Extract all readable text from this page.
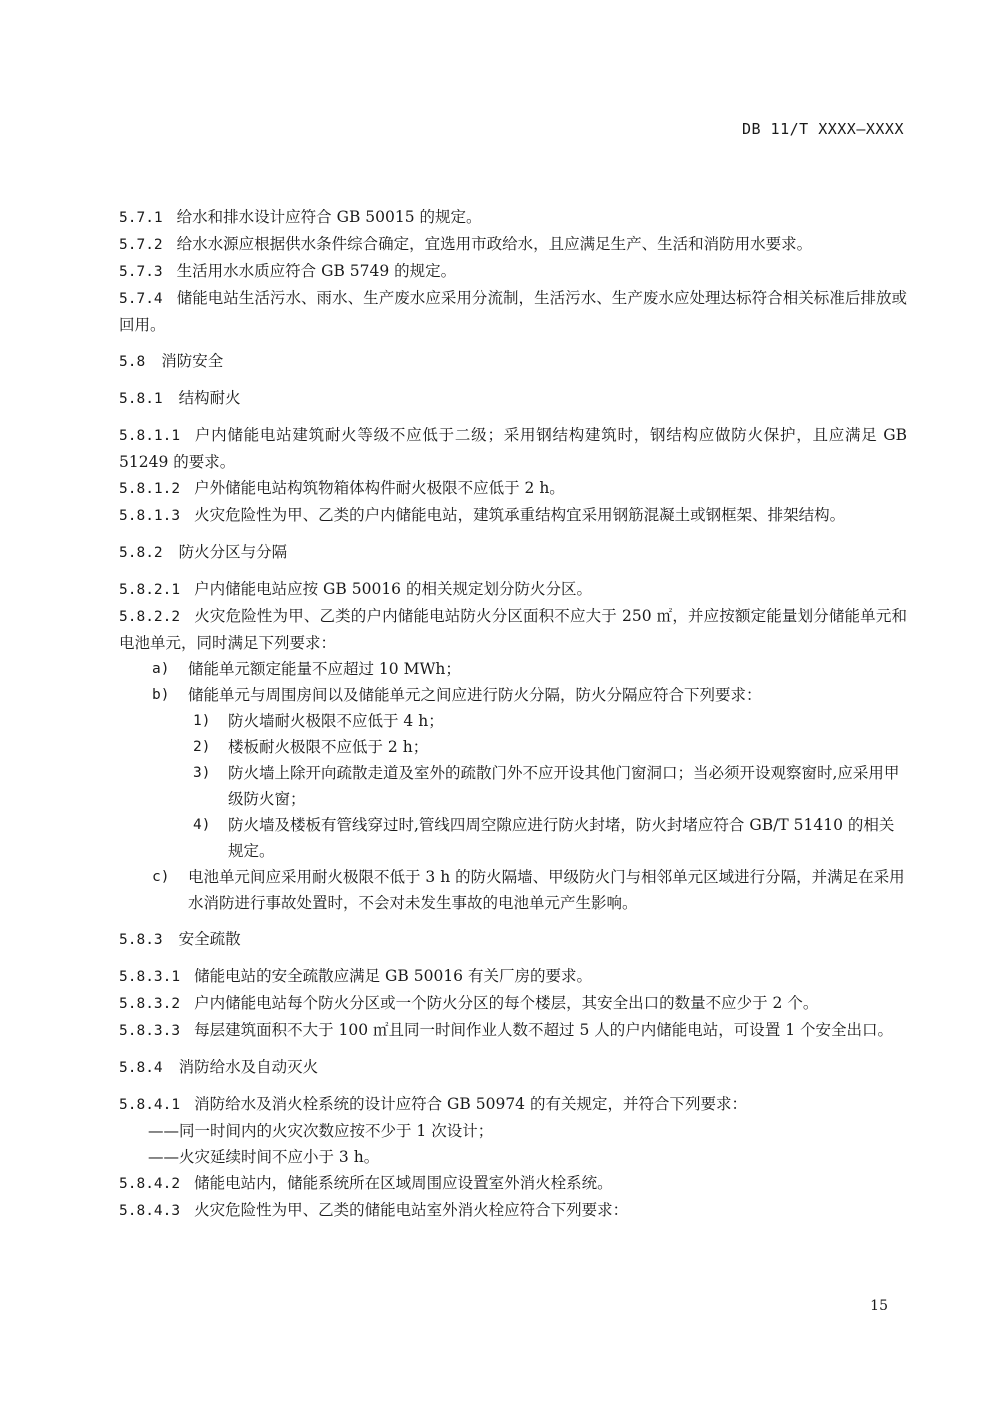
DB 11/T XXXX—XXXX

5.7.1 给水和排水设计应符合 GB 50015 的规定。

5.7.2 给水水源应根据供水条件综合确定，宜选用市政给水，且应满足生产、生活和消防用水要求。

5.7.3 生活用水水质应符合 GB 5749 的规定。

5.7.4 储能电站生活污水、雨水、生产废水应采用分流制，生活污水、生产废水应处理达标符合相关标准后排放或回用。

5.8 消防安全

5.8.1 结构耐火

5.8.1.1 户内储能电站建筑耐火等级不应低于二级；采用钢结构建筑时，钢结构应做防火保护，且应满足 GB 51249 的要求。

5.8.1.2 户外储能电站构筑物箱体构件耐火极限不应低于 2 h。

5.8.1.3 火灾危险性为甲、乙类的户内储能电站，建筑承重结构宜采用钢筋混凝土或钢框架、排架结构。

5.8.2 防火分区与分隔

5.8.2.1 户内储能电站应按 GB 50016 的相关规定划分防火分区。

5.8.2.2 火灾危险性为甲、乙类的户内储能电站防火分区面积不应大于 250 ㎡，并应按额定能量划分储能单元和电池单元，同时满足下列要求：

a)	储能单元额定能量不应超过 10 MWh；
b)	储能单元与周围房间以及储能单元之间应进行防火分隔，防火分隔应符合下列要求：
1)	防火墙耐火极限不应低于 4 h；
2)	楼板耐火极限不应低于 2 h；
3)	防火墙上除开向疏散走道及室外的疏散门外不应开设其他门窗洞口；当必须开设观察窗时,应采用甲级防火窗；
4)	防火墙及楼板有管线穿过时,管线四周空隙应进行防火封堵，防火封堵应符合 GB/T 51410 的相关规定。
c)	电池单元间应采用耐火极限不低于 3 h 的防火隔墙、甲级防火门与相邻单元区域进行分隔，并满足在采用水消防进行事故处置时，不会对未发生事故的电池单元产生影响。

5.8.3 安全疏散

5.8.3.1 储能电站的安全疏散应满足 GB 50016 有关厂房的要求。

5.8.3.2 户内储能电站每个防火分区或一个防火分区的每个楼层，其安全出口的数量不应少于 2 个。

5.8.3.3 每层建筑面积不大于 100 ㎡且同一时间作业人数不超过 5 人的户内储能电站，可设置 1 个安全出口。

5.8.4 消防给水及自动灭火

5.8.4.1 消防给水及消火栓系统的设计应符合 GB 50974 的有关规定，并符合下列要求：

——同一时间内的火灾次数应按不少于 1 次设计；
——火灾延续时间不应小于 3 h。

5.8.4.2 储能电站内，储能系统所在区域周围应设置室外消火栓系统。

5.8.4.3 火灾危险性为甲、乙类的储能电站室外消火栓应符合下列要求：

15
